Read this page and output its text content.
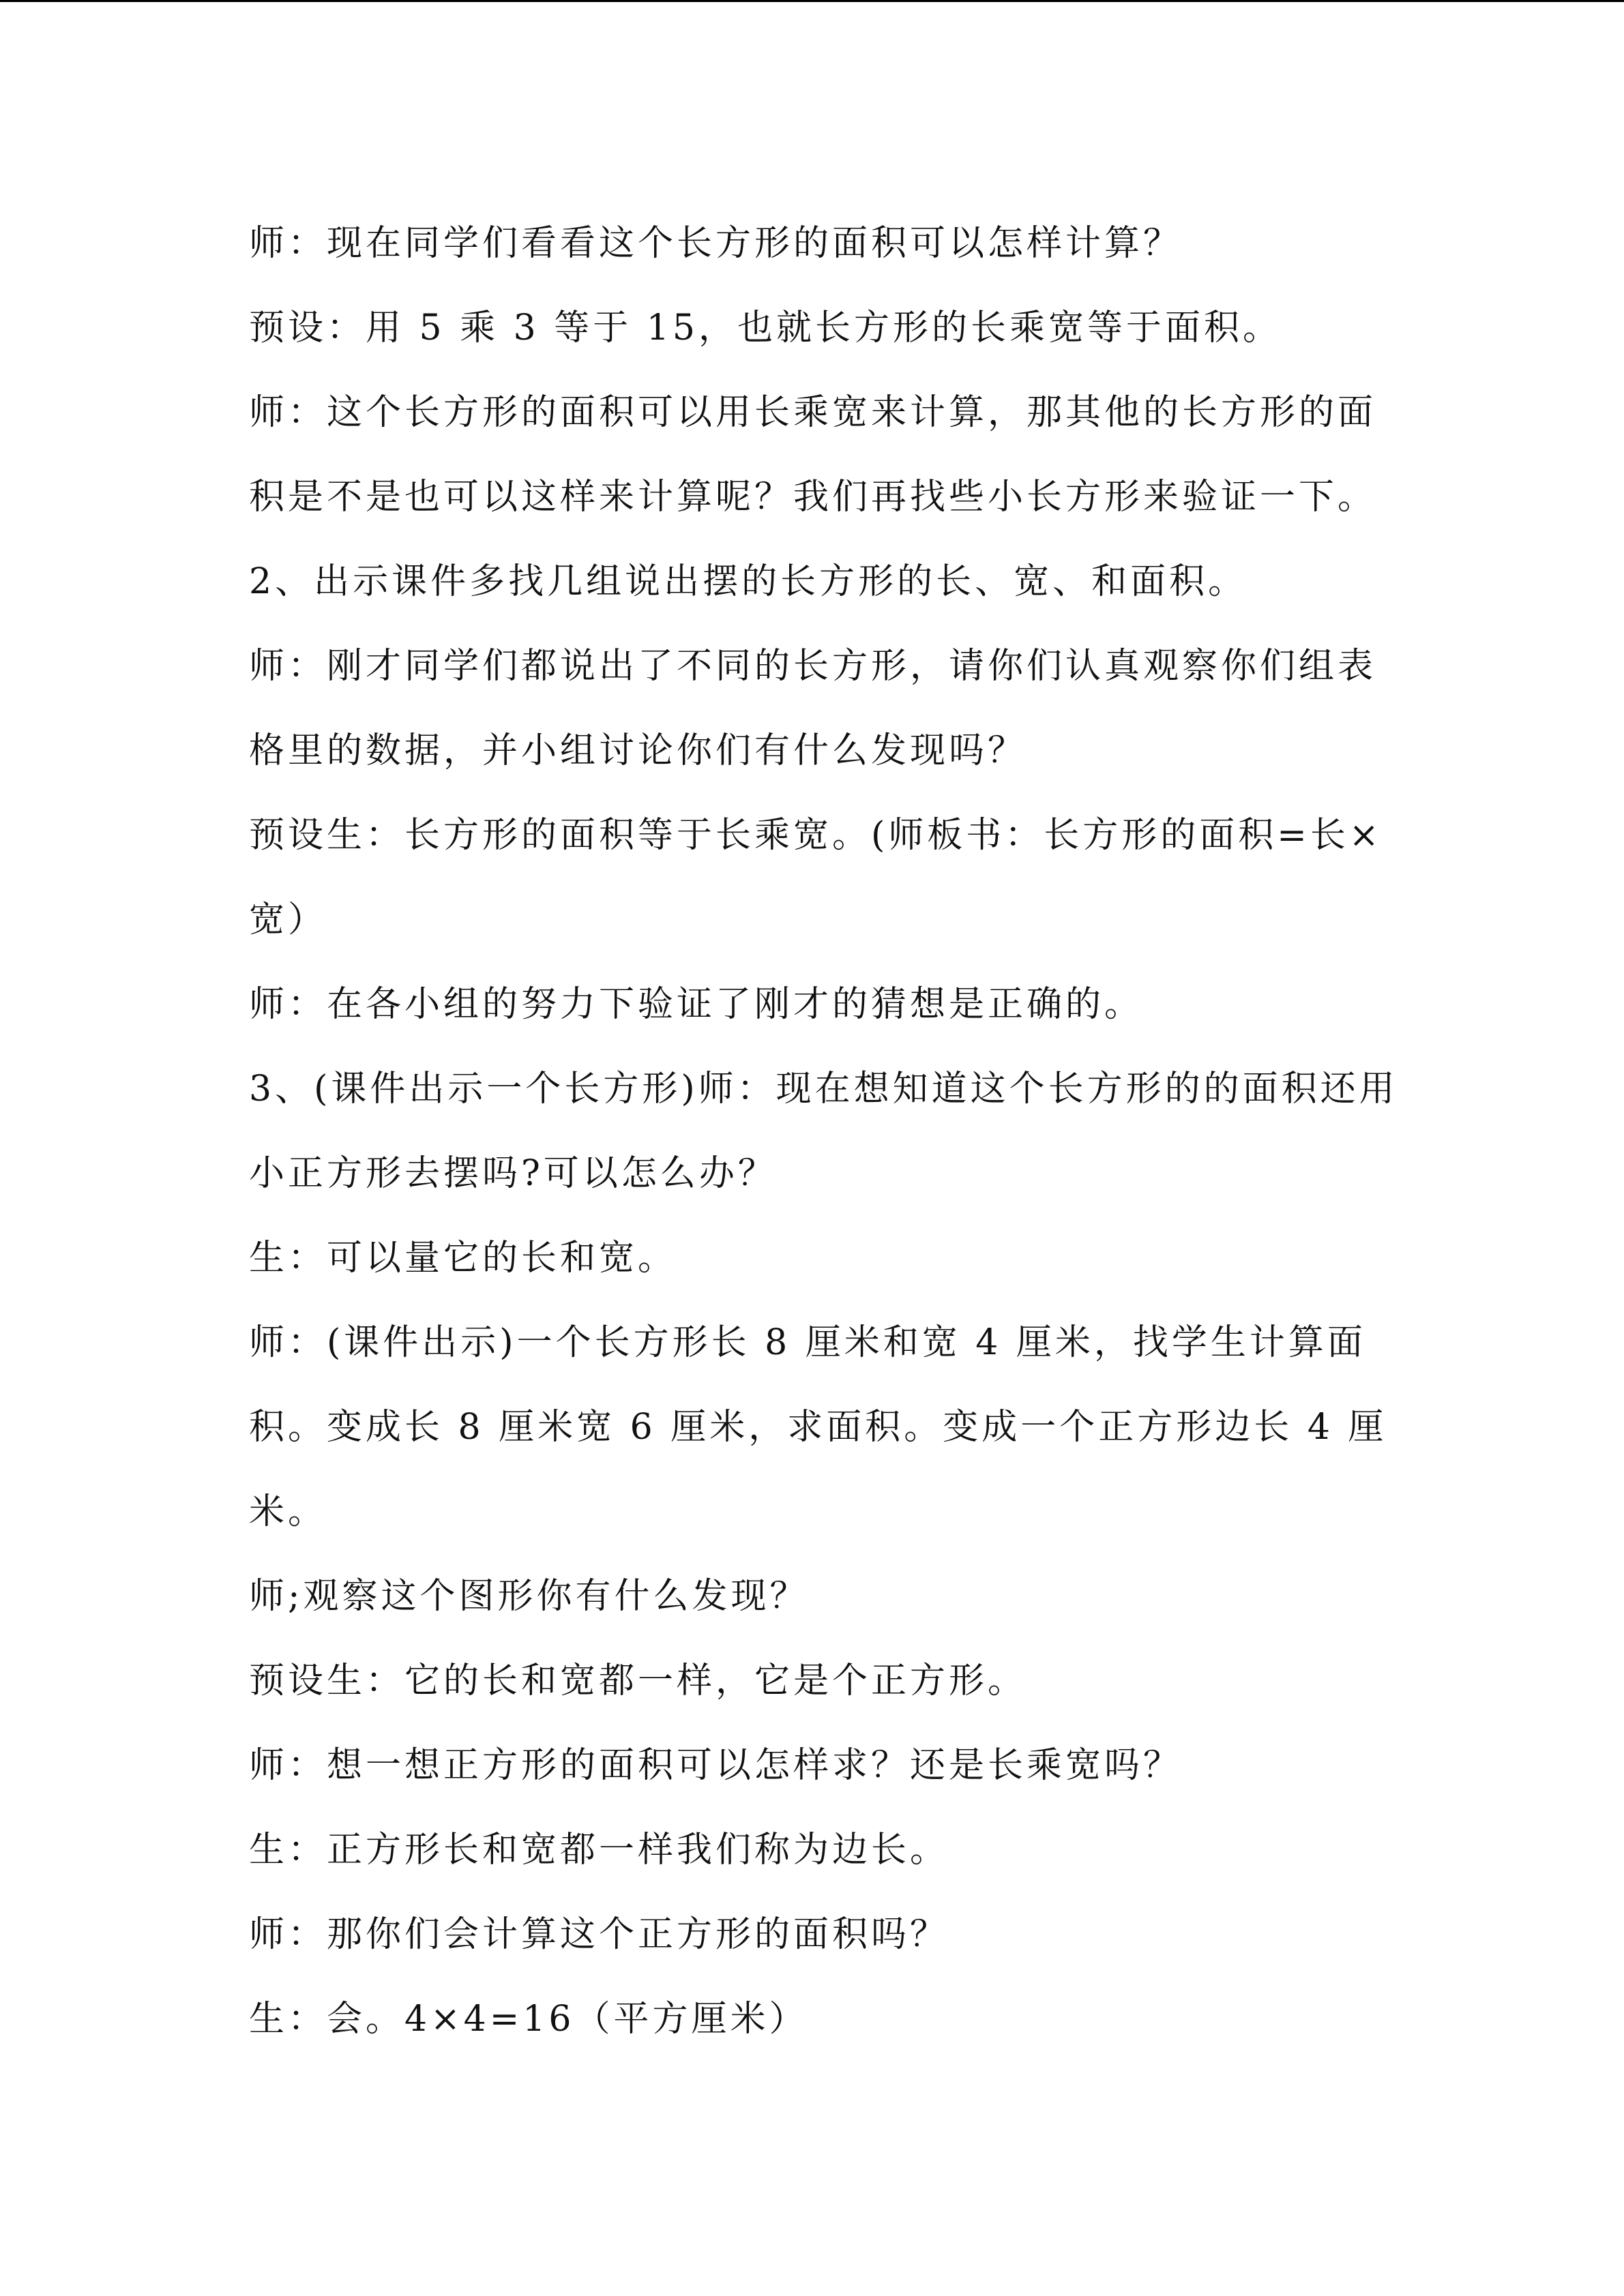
师：现在同学们看看这个长方形的面积可以怎样计算？

预设：用 5 乘 3 等于 15，也就长方形的长乘宽等于面积。

师：这个长方形的面积可以用长乘宽来计算，那其他的长方形的面

积是不是也可以这样来计算呢？我们再找些小长方形来验证一下。

2、出示课件多找几组说出摆的长方形的长、宽、和面积。

师：刚才同学们都说出了不同的长方形，请你们认真观察你们组表

格里的数据，并小组讨论你们有什么发现吗？

预设生：长方形的面积等于长乘宽。(师板书：长方形的面积=长×

宽）

师：在各小组的努力下验证了刚才的猜想是正确的。

3、(课件出示一个长方形)师：现在想知道这个长方形的的面积还用

小正方形去摆吗?可以怎么办？

生：可以量它的长和宽。

师：(课件出示)一个长方形长 8 厘米和宽 4 厘米，找学生计算面

积。变成长 8 厘米宽 6 厘米，求面积。变成一个正方形边长 4 厘

米。

师;观察这个图形你有什么发现？

预设生：它的长和宽都一样，它是个正方形。

师：想一想正方形的面积可以怎样求？还是长乘宽吗？

生：正方形长和宽都一样我们称为边长。

师：那你们会计算这个正方形的面积吗？

生：会。4×4=16（平方厘米）
